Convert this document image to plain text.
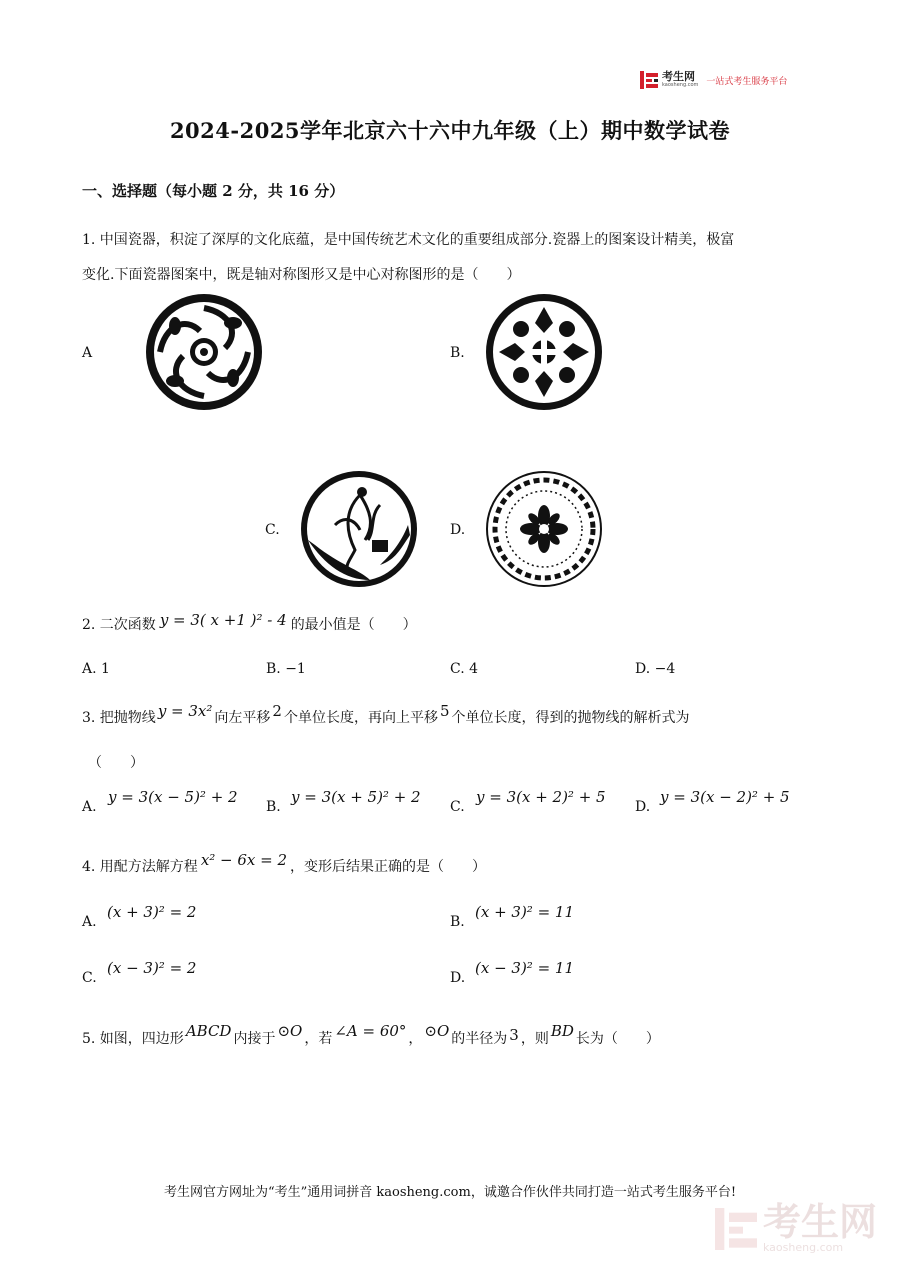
考生网
kaosheng.com 一站式考生服务平台
2024-2025学年北京六十六中九年级（上）期中数学试卷
一、选择题（每小题 2 分，共 16 分）
1. 中国瓷器，积淀了深厚的文化底蕴，是中国传统艺术文化的重要组成部分.瓷器上的图案设计精美，极富
变化.下面瓷器图案中，既是轴对称图形又是中心对称图形的是（　　）
A	B.
C.	D.
2. 二次函数 y = 3( x +1 )² - 4 的最小值是（　　）
A. 1	B. −1	C. 4	D. −4
3. 把抛物线 y = 3x² 向左平移 2 个单位长度，再向上平移 5 个单位长度，得到的抛物线的解析式为
（　　）
A.
y = 3(x − 5)² + 2
B.
y = 3(x + 5)² + 2
C.
y = 3(x + 2)² + 5
D.
y = 3(x − 2)² + 5
4. 用配方法解方程 x² − 6x = 2 ，变形后结果正确的是（　　）
A.
(x + 3)² = 2
B.
(x + 3)² = 11
C.
(x − 3)² = 2
D.
(x − 3)² = 11
5. 如图，四边形 ABCD 内接于 ⊙O ，若 ∠A = 60° ， ⊙O 的半径为 3 ，则 BD 长为（　　）
考生网官方网址为“考生”通用词拼音 kaosheng.com，诚邀合作伙伴共同打造一站式考生服务平台!
考生网
kaosheng.com
